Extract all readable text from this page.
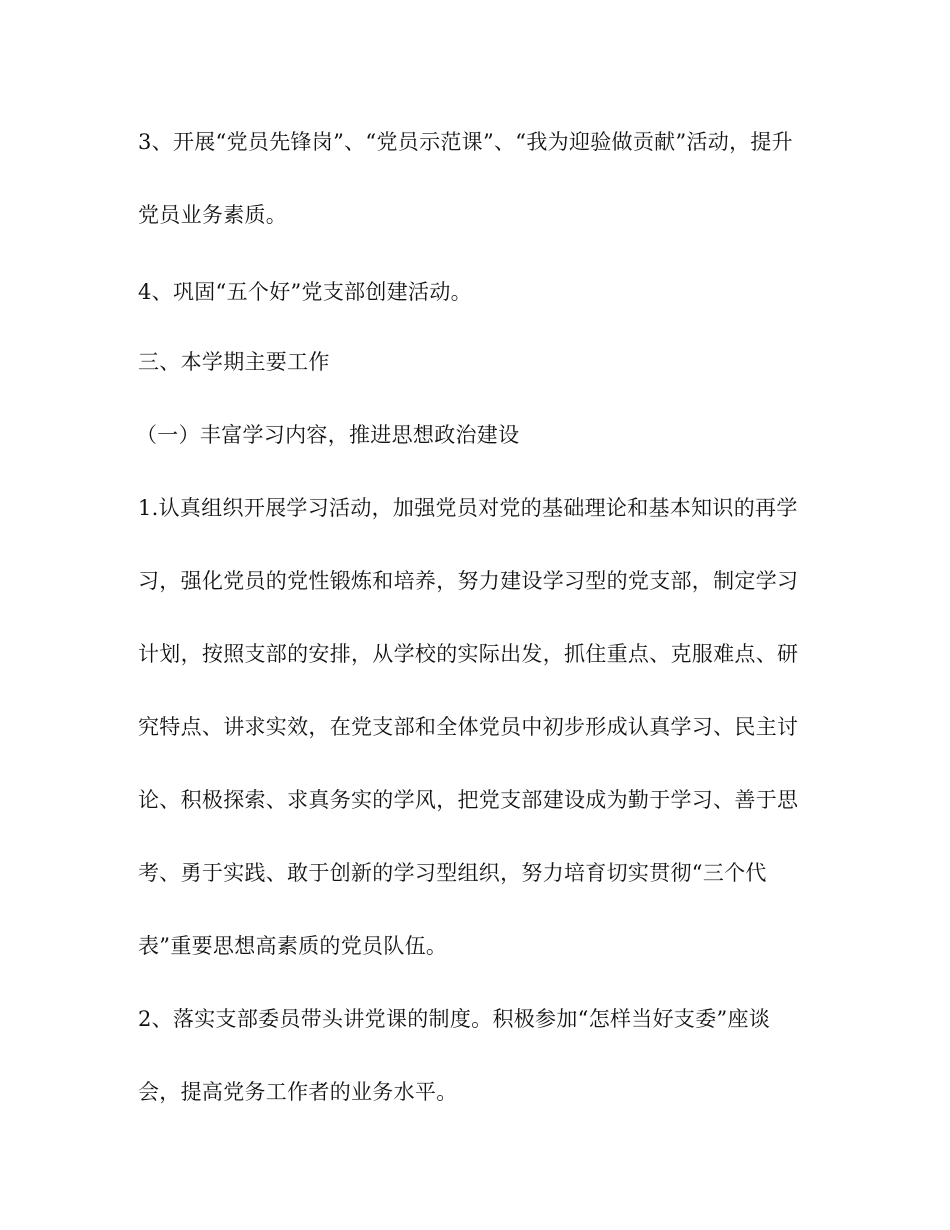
3、开展“党员先锋岗”、“党员示范课”、“我为迎验做贡献”活动，提升
党员业务素质。
4、巩固“五个好”党支部创建活动。
三、本学期主要工作
（一）丰富学习内容，推进思想政治建设
1.认真组织开展学习活动，加强党员对党的基础理论和基本知识的再学
习，强化党员的党性锻炼和培养，努力建设学习型的党支部，制定学习
计划，按照支部的安排，从学校的实际出发，抓住重点、克服难点、研
究特点、讲求实效，在党支部和全体党员中初步形成认真学习、民主讨
论、积极探索、求真务实的学风，把党支部建设成为勤于学习、善于思
考、勇于实践、敢于创新的学习型组织，努力培育切实贯彻“三个代
表”重要思想高素质的党员队伍。
2、落实支部委员带头讲党课的制度。积极参加“怎样当好支委”座谈
会，提高党务工作者的业务水平。
